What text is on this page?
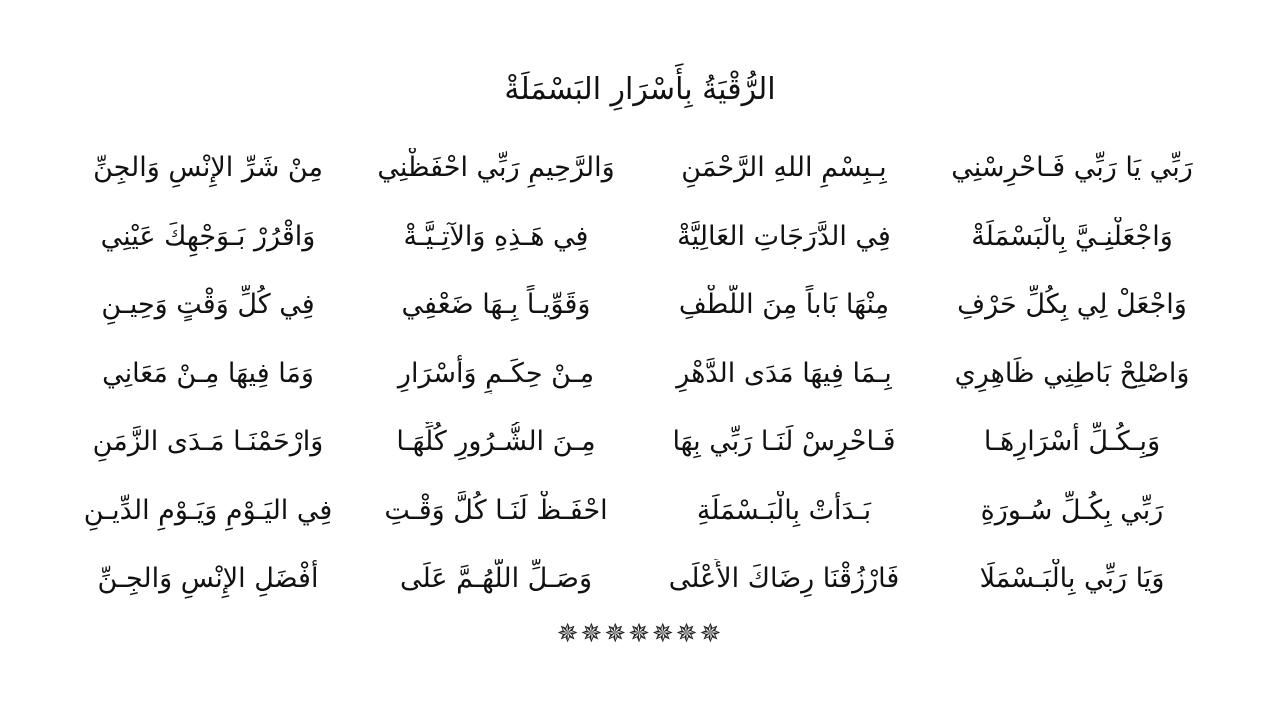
الرُّقْيَةُ بِأَسْرَارِ البَسْمَلَةْ
رَبِّي يَا رَبِّي فَـاحْرِسْنِي
بِـبِسْمِ اللهِ الرَّحْمَنِ
وَالرَّحِيمِ رَبِّي احْفَظْنِي
مِنْ شَرِّ الإِنْسِ وَالجِنِّ
وَاجْعَلْنِـيَّ بِالْبَسْمَلَةْ
فِي الدَّرَجَاتِ العَالِيَّةْ
فِي هَـذِهِ وَالآتِـيَّـةْ
وَاقْرُرْ بَـوَجْهِكَ عَيْنِي
وَاجْعَلْ لِي بِكُلِّ حَرْفِ
مِنْهَا بَاباً مِنَ اللُّطْفِ
وَقَوِّيـاً بِـهَا ضَعْفِي
فِي كُلِّ وَقْتٍ وَحِيـنِ
وَاصْلِحْ بَاطِنِي ظَاهِرِي
بِـمَا فِيهَا مَدَى الدَّهْرِ
مِـنْ حِكَـمٍ وَأَسْرَارِ
وَمَا فِيهَا مِـنْ مَعَانِي
وَبِـكُـلِّ أَسْرَارِهَـا
فَـاحْرِسْ لَنَـا رَبِّي بِهَا
مِـنَ الشُّـرُورِ كُلِّهَـا
وَارْحَمْنَـا مَـدَى الزَّمَنِ
رَبِّي بِكُـلِّ سُـورَةِ
بَـدَأَتْ بِالْبَـسْمَلَةِ
احْفَـظْ لَنَـا كُلَّ وَقْـتِ
فِي اليَـوْمِ وَيَـوْمِ الدِّيـنِ
وَيَا رَبِّي بِالْبَـسْمَلَا
فَارْزُقْنَا رِضَاكَ الأَعْلَى
وَصَـلِّ اللَّهُـمَّ عَلَى
أَفْضَلِ الإِنْسِ وَالجِـنِّ
✵✵✵✵✵✵✵
